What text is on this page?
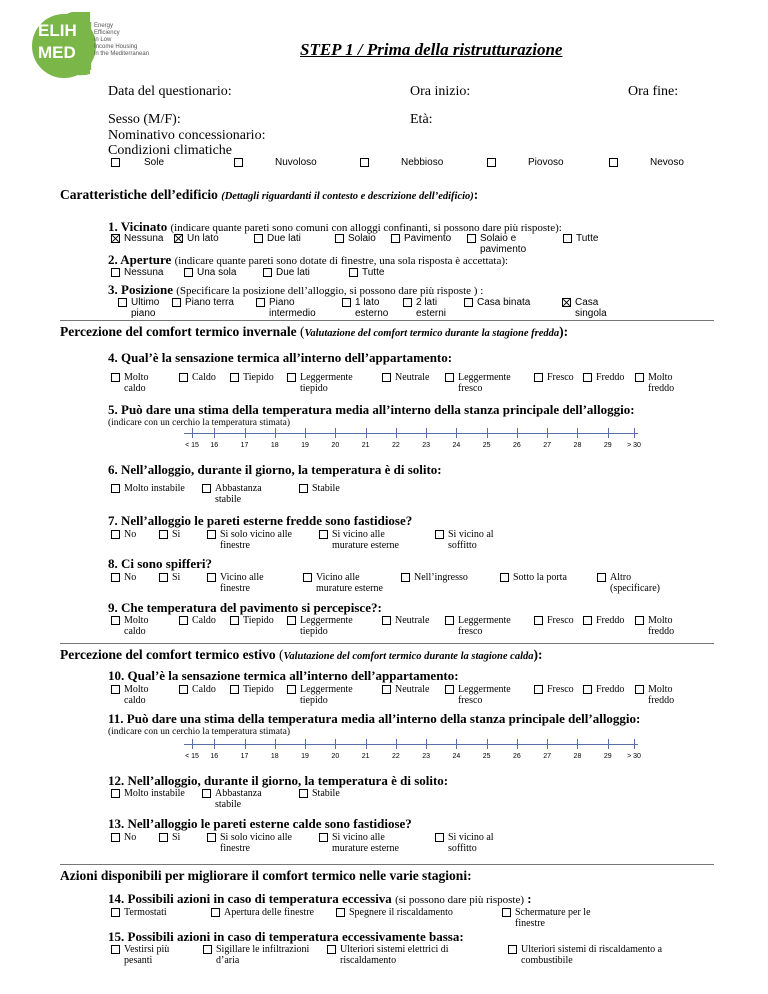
ELIH
MED
Energy
Efficiency
in Low
Income Housing
in the Mediterranean	STEP 1 / Prima della ristrutturazione
Data del questionario:	Ora inizio:	Ora fine:
Sesso (M/F):	Età:
Nominativo concessionario:
Condizioni climatiche
Sole	Nuvoloso	Nebbioso	Piovoso	Nevoso
Caratteristiche dell’edificio (Dettagli riguardanti il contesto e descrizione dell’edificio):
1. Vicinato (indicare quante pareti sono comuni con alloggi confinanti, si possono dare più risposte):
Nessuna Un lato	Due lati	Solaio	Pavimento	Solaio e pavimento
Tutte
2. Aperture (indicare quante pareti sono dotate di finestre, una sola risposta è accettata):
Nessuna	Una sola	Due lati	Tutte
3. Posizione (Specificare la posizione dell’alloggio, si possono dare più risposte ) :
Ultimo piano
Piano terra	Piano intermedio
1 lato esterno
2 lati esterni
Casa binata	Casa singola
Percezione del comfort termico invernale (Valutazione del comfort termico durante la stagione fredda):
4. Qual’è la sensazione termica all’interno dell’appartamento:
Molto caldo
Caldo	Tiepido	Leggermente tiepido
Neutrale	Leggermente fresco
Fresco Freddo Molto freddo
5. Può dare una stima della temperatura media all’interno della stanza principale dell’alloggio:
(indicare con un cerchio la temperatura stimata)
< 15 16	17	18	19	20	21	22	23	24	25	26	27	28	29 > 30
6. Nell’alloggio, durante il giorno, la temperatura è di solito:
Molto instabile	Abbastanza stabile
Stabile
7. Nell’alloggio le pareti esterne fredde sono fastidiose?
No	Si	Si solo vicino alle finestre
Si vicino alle murature esterne
Si vicino al soffitto
8. Ci sono spifferi?
No	Si	Vicino alle finestre
Vicino alle murature esterne
Nell’ingresso	Sotto la porta	Altro (specificare)
9. Che temperatura del pavimento si percepisce?:
Molto caldo
Caldo	Tiepido	Leggermente tiepido
Neutrale	Leggermente fresco
Fresco Freddo Molto freddo
Percezione del comfort termico estivo (Valutazione del comfort termico durante la stagione calda):
10. Qual’è la sensazione termica all’interno dell’appartamento:
Molto caldo
Caldo	Tiepido	Leggermente tiepido
Neutrale	Leggermente fresco
Fresco Freddo Molto freddo
11. Può dare una stima della temperatura media all’interno della stanza principale dell’alloggio:
(indicare con un cerchio la temperatura stimata)
< 15 16	17	18	19	20	21	22	23	24	25	26	27	28	29 > 30
12. Nell’alloggio, durante il giorno, la temperatura è di solito:
Molto instabile	Abbastanza stabile
Stabile
13. Nell’alloggio le pareti esterne calde sono fastidiose?
No	Si	Si solo vicino alle finestre
Si vicino alle murature esterne
Si vicino al soffitto
Azioni disponibili per migliorare il comfort termico nelle varie stagioni:
14. Possibili azioni in caso di temperatura eccessiva (si possono dare più risposte) :
Termostati	Apertura delle finestre	Spegnere il riscaldamento	Schermature per le finestre
15. Possibili azioni in caso di temperatura eccessivamente bassa:
Vestirsi più pesanti
Sigillare le infiltrazioni d’aria
Ulteriori sistemi elettrici di riscaldamento
Ulteriori sistemi di riscaldamento a combustibile
